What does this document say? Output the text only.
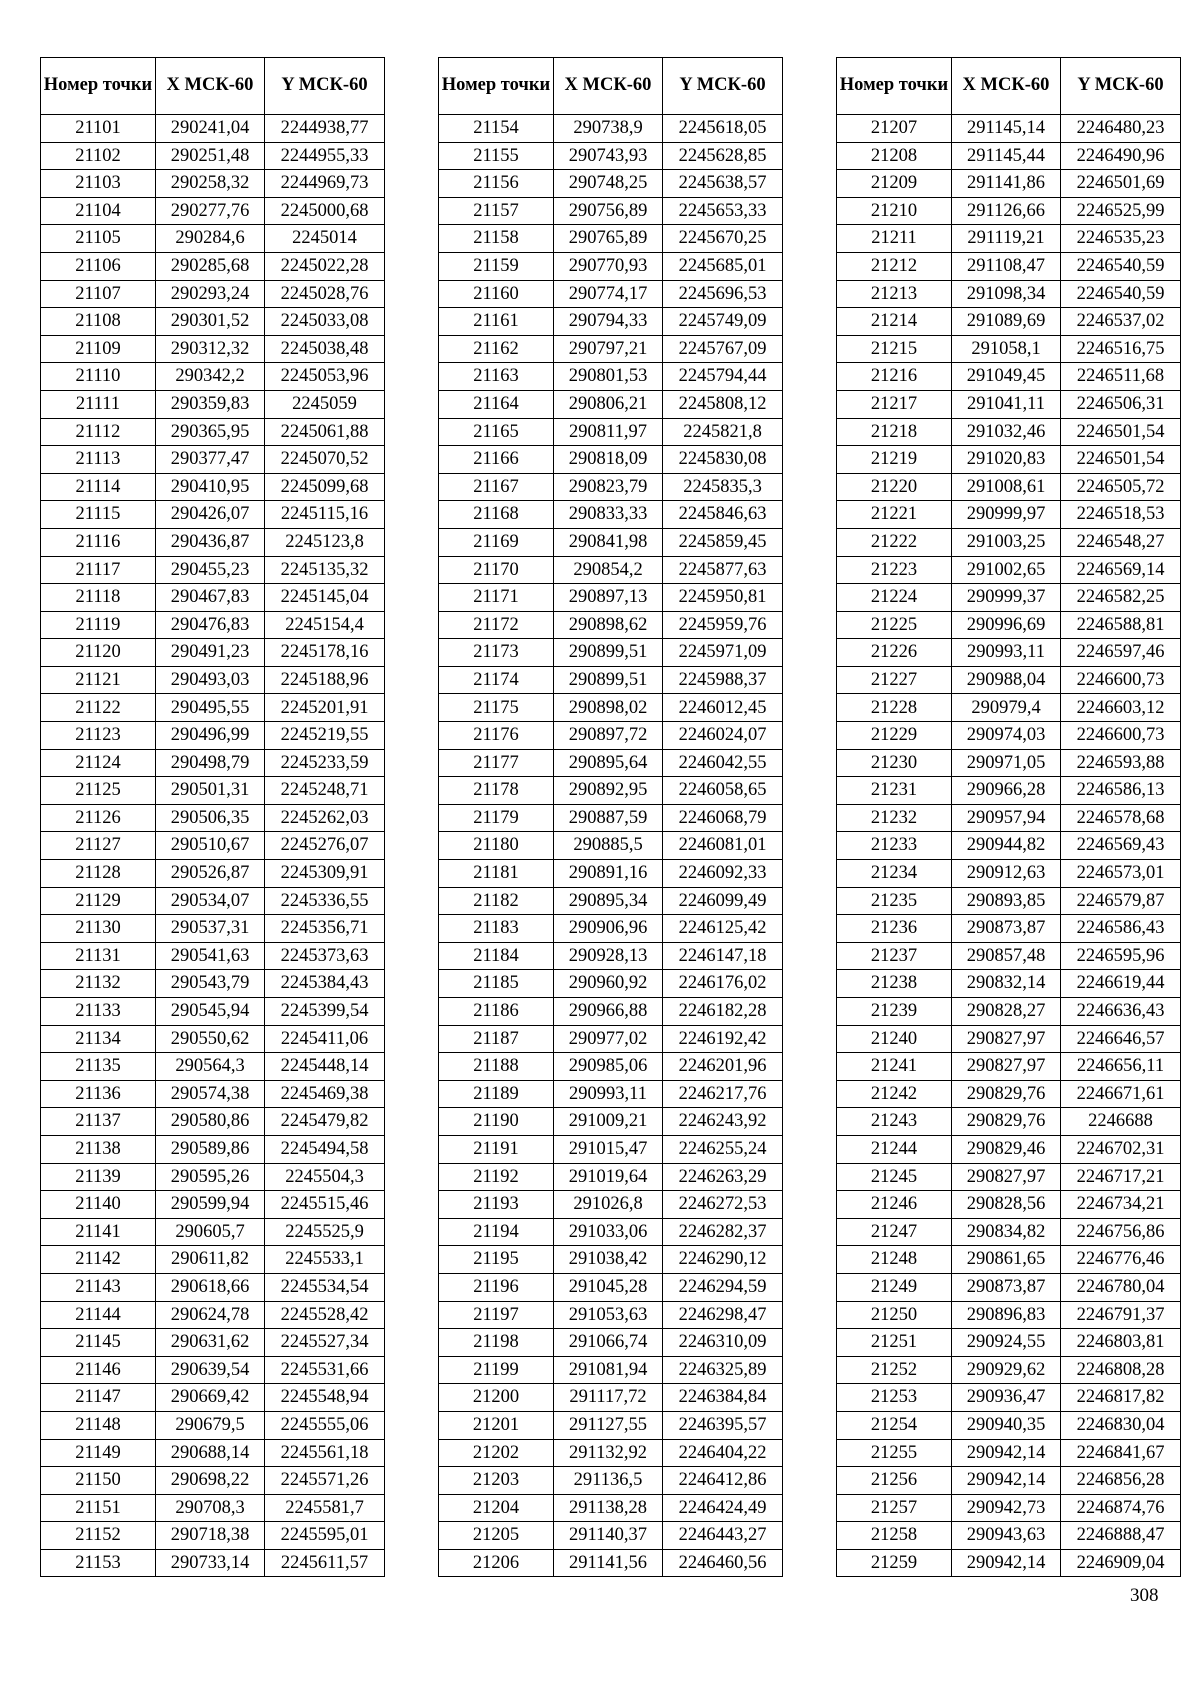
Номер точки	X МСК-60	Y МСК-60
21101	290241,04	2244938,77
21102	290251,48	2244955,33
21103	290258,32	2244969,73
21104	290277,76	2245000,68
21105	290284,6	2245014
21106	290285,68	2245022,28
21107	290293,24	2245028,76
21108	290301,52	2245033,08
21109	290312,32	2245038,48
21110	290342,2	2245053,96
21111	290359,83	2245059
21112	290365,95	2245061,88
21113	290377,47	2245070,52
21114	290410,95	2245099,68
21115	290426,07	2245115,16
21116	290436,87	2245123,8
21117	290455,23	2245135,32
21118	290467,83	2245145,04
21119	290476,83	2245154,4
21120	290491,23	2245178,16
21121	290493,03	2245188,96
21122	290495,55	2245201,91
21123	290496,99	2245219,55
21124	290498,79	2245233,59
21125	290501,31	2245248,71
21126	290506,35	2245262,03
21127	290510,67	2245276,07
21128	290526,87	2245309,91
21129	290534,07	2245336,55
21130	290537,31	2245356,71
21131	290541,63	2245373,63
21132	290543,79	2245384,43
21133	290545,94	2245399,54
21134	290550,62	2245411,06
21135	290564,3	2245448,14
21136	290574,38	2245469,38
21137	290580,86	2245479,82
21138	290589,86	2245494,58
21139	290595,26	2245504,3
21140	290599,94	2245515,46
21141	290605,7	2245525,9
21142	290611,82	2245533,1
21143	290618,66	2245534,54
21144	290624,78	2245528,42
21145	290631,62	2245527,34
21146	290639,54	2245531,66
21147	290669,42	2245548,94
21148	290679,5	2245555,06
21149	290688,14	2245561,18
21150	290698,22	2245571,26
21151	290708,3	2245581,7
21152	290718,38	2245595,01
21153	290733,14	2245611,57
Номер точки	X МСК-60	Y МСК-60
21154	290738,9	2245618,05
21155	290743,93	2245628,85
21156	290748,25	2245638,57
21157	290756,89	2245653,33
21158	290765,89	2245670,25
21159	290770,93	2245685,01
21160	290774,17	2245696,53
21161	290794,33	2245749,09
21162	290797,21	2245767,09
21163	290801,53	2245794,44
21164	290806,21	2245808,12
21165	290811,97	2245821,8
21166	290818,09	2245830,08
21167	290823,79	2245835,3
21168	290833,33	2245846,63
21169	290841,98	2245859,45
21170	290854,2	2245877,63
21171	290897,13	2245950,81
21172	290898,62	2245959,76
21173	290899,51	2245971,09
21174	290899,51	2245988,37
21175	290898,02	2246012,45
21176	290897,72	2246024,07
21177	290895,64	2246042,55
21178	290892,95	2246058,65
21179	290887,59	2246068,79
21180	290885,5	2246081,01
21181	290891,16	2246092,33
21182	290895,34	2246099,49
21183	290906,96	2246125,42
21184	290928,13	2246147,18
21185	290960,92	2246176,02
21186	290966,88	2246182,28
21187	290977,02	2246192,42
21188	290985,06	2246201,96
21189	290993,11	2246217,76
21190	291009,21	2246243,92
21191	291015,47	2246255,24
21192	291019,64	2246263,29
21193	291026,8	2246272,53
21194	291033,06	2246282,37
21195	291038,42	2246290,12
21196	291045,28	2246294,59
21197	291053,63	2246298,47
21198	291066,74	2246310,09
21199	291081,94	2246325,89
21200	291117,72	2246384,84
21201	291127,55	2246395,57
21202	291132,92	2246404,22
21203	291136,5	2246412,86
21204	291138,28	2246424,49
21205	291140,37	2246443,27
21206	291141,56	2246460,56
Номер точки	X МСК-60	Y МСК-60
21207	291145,14	2246480,23
21208	291145,44	2246490,96
21209	291141,86	2246501,69
21210	291126,66	2246525,99
21211	291119,21	2246535,23
21212	291108,47	2246540,59
21213	291098,34	2246540,59
21214	291089,69	2246537,02
21215	291058,1	2246516,75
21216	291049,45	2246511,68
21217	291041,11	2246506,31
21218	291032,46	2246501,54
21219	291020,83	2246501,54
21220	291008,61	2246505,72
21221	290999,97	2246518,53
21222	291003,25	2246548,27
21223	291002,65	2246569,14
21224	290999,37	2246582,25
21225	290996,69	2246588,81
21226	290993,11	2246597,46
21227	290988,04	2246600,73
21228	290979,4	2246603,12
21229	290974,03	2246600,73
21230	290971,05	2246593,88
21231	290966,28	2246586,13
21232	290957,94	2246578,68
21233	290944,82	2246569,43
21234	290912,63	2246573,01
21235	290893,85	2246579,87
21236	290873,87	2246586,43
21237	290857,48	2246595,96
21238	290832,14	2246619,44
21239	290828,27	2246636,43
21240	290827,97	2246646,57
21241	290827,97	2246656,11
21242	290829,76	2246671,61
21243	290829,76	2246688
21244	290829,46	2246702,31
21245	290827,97	2246717,21
21246	290828,56	2246734,21
21247	290834,82	2246756,86
21248	290861,65	2246776,46
21249	290873,87	2246780,04
21250	290896,83	2246791,37
21251	290924,55	2246803,81
21252	290929,62	2246808,28
21253	290936,47	2246817,82
21254	290940,35	2246830,04
21255	290942,14	2246841,67
21256	290942,14	2246856,28
21257	290942,73	2246874,76
21258	290943,63	2246888,47
21259	290942,14	2246909,04
308
